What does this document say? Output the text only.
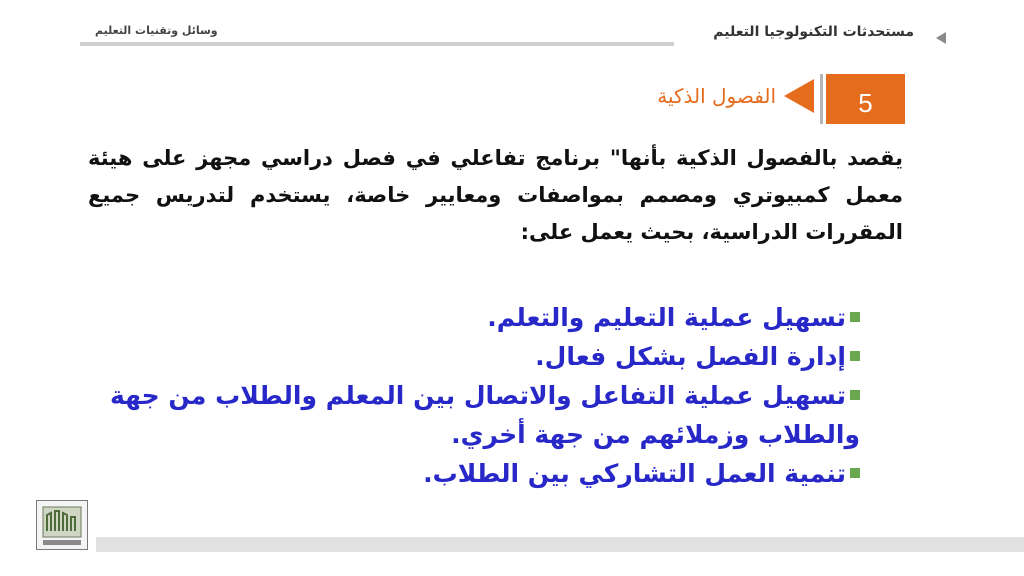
مستحدثات التكنولوجيا التعليم
وسائل وتقنيات التعليم
5
الفصول الذكية
يقصد بالفصول الذكية بأنها" برنامج تفاعلي في فصل دراسي مجهز على هيئة معمل كمبيوتري ومصمم بمواصفات ومعايير خاصة، يستخدم لتدريس جميع المقررات الدراسية، بحيث يعمل على:
تسهيل عملية التعليم والتعلم.
إدارة الفصل بشكل فعال.
تسهيل عملية التفاعل والاتصال بين المعلم والطلاب من جهة والطلاب وزملائهم من جهة أخري.
تنمية العمل التشاركي بين الطلاب.
